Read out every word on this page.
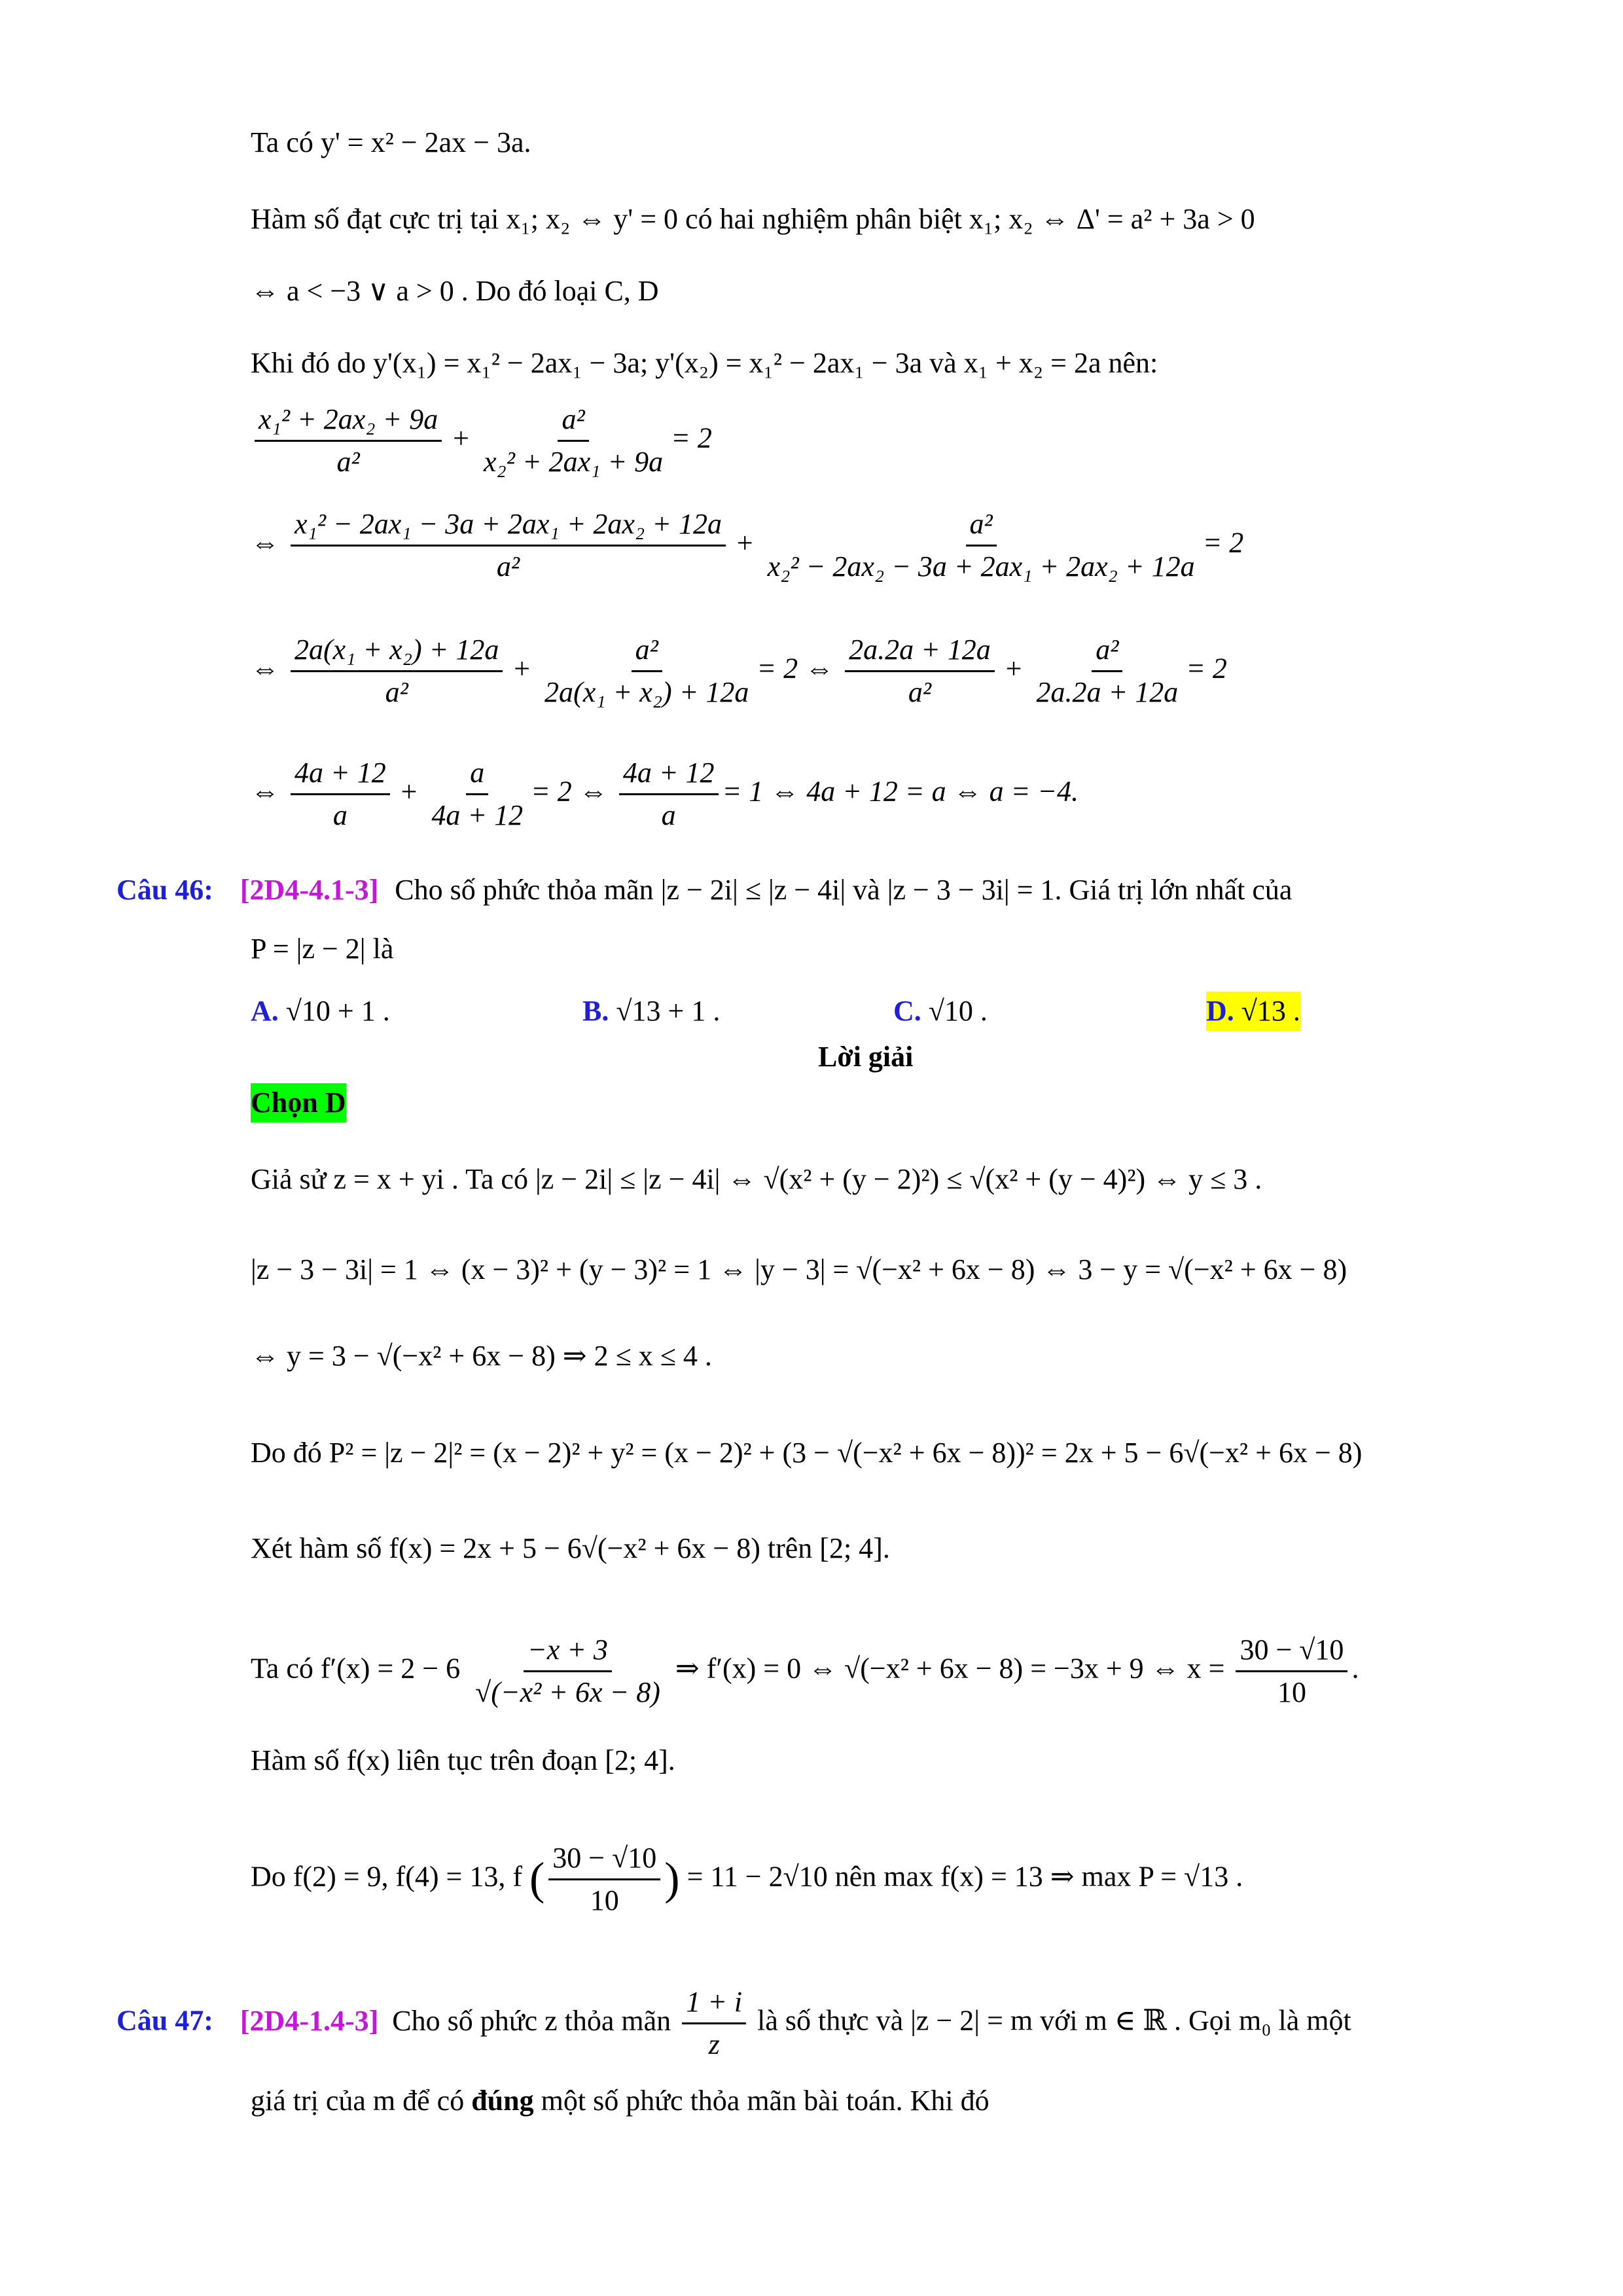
Ta có y' = x² − 2ax − 3a.
Hàm số đạt cực trị tại x₁; x₂ ⇔ y' = 0 có hai nghiệm phân biệt x₁; x₂ ⇔ Δ' = a² + 3a > 0
⇔ a < −3 ∨ a > 0 . Do đó loại C, D
Khi đó do y'(x₁) = x₁² − 2ax₁ − 3a; y'(x₂) = x₁² − 2ax₁ − 3a và x₁ + x₂ = 2a nên:
$\frac{\text{x₁² + 2ax₂ + 9a}}{\text{a²}} + \frac{\text{a²}}{\text{x₂² + 2ax₁ + 9a}} = 2$
⇔ $\frac{\text{x₁² − 2ax₁ − 3a + 2ax₁ + 2ax₂ + 12a}}{\text{a²}} + \frac{\text{a²}}{\text{x₂² − 2ax₂ − 3a + 2ax₁ + 2ax₂ + 12a}} = 2$
⇔ $\frac{\text{2a(x₁ + x₂) + 12a}}{\text{a²}} + \frac{\text{a²}}{\text{2a(x₁ + x₂) + 12a}} = 2$ ⇔ $\frac{2a.2a + 12a}{\text{a²}} + \frac{\text{a²}}{2a.2a + 12a} = 2$
⇔ $\frac{4a + 12}{a} + \frac{a}{4a + 12} = 2$ ⇔ $\frac{4a + 12}{a} = 1$ ⇔ 4a + 12 = a ⇔ a = −4.
Câu 46: [2D4-4.1-3] Cho số phức thỏa mãn |z − 2i| ≤ |z − 4i| và |z − 3 − 3i| = 1. Giá trị lớn nhất của
P = |z − 2| là
A. √10 + 1 .	B. √13 + 1 .	C. √10 .	D. √13 .
Lời giải
Chọn D
Giả sử z = x + yi . Ta có |z − 2i| ≤ |z − 4i| ⇔ √(x² + (y − 2)²) ≤ √(x² + (y − 4)²) ⇔ y ≤ 3 .
|z − 3 − 3i| = 1 ⇔ (x − 3)² + (y − 3)² = 1 ⇔ |y − 3| = √(−x² + 6x − 8) ⇔ 3 − y = √(−x² + 6x − 8)
⇔ y = 3 − √(−x² + 6x − 8) ⇒ 2 ≤ x ≤ 4 .
Do đó P² = |z − 2|² = (x − 2)² + y² = (x − 2)² + (3 − √(−x² + 6x − 8))² = 2x + 5 − 6√(−x² + 6x − 8)
Xét hàm số f(x) = 2x + 5 − 6√(−x² + 6x − 8) trên [2; 4].
Ta có $f'(x) = 2 - 6 \frac{-x + 3}{\text{√(−x² + 6x − 8)}}$ ⇒ f′(x) = 0 ⇔ √(−x² + 6x − 8) = −3x + 9 ⇔ $x = \frac{30 - √10}{10}$ .
Hàm số f(x) liên tục trên đoạn [2; 4].
Do f(2) = 9, f(4) = 13, f ( $\frac{30 - √10}{10}$ ) = 11 − 2√10 nên max f(x) = 13 ⇒ max P = √13 .
Câu 47: [2D4-1.4-3] Cho số phức z thỏa mãn $\frac{1 + i}{z}$ là số thực và |z − 2| = m với m ∈ ℝ . Gọi m₀ là một
giá trị của m để có đúng một số phức thỏa mãn bài toán. Khi đó
